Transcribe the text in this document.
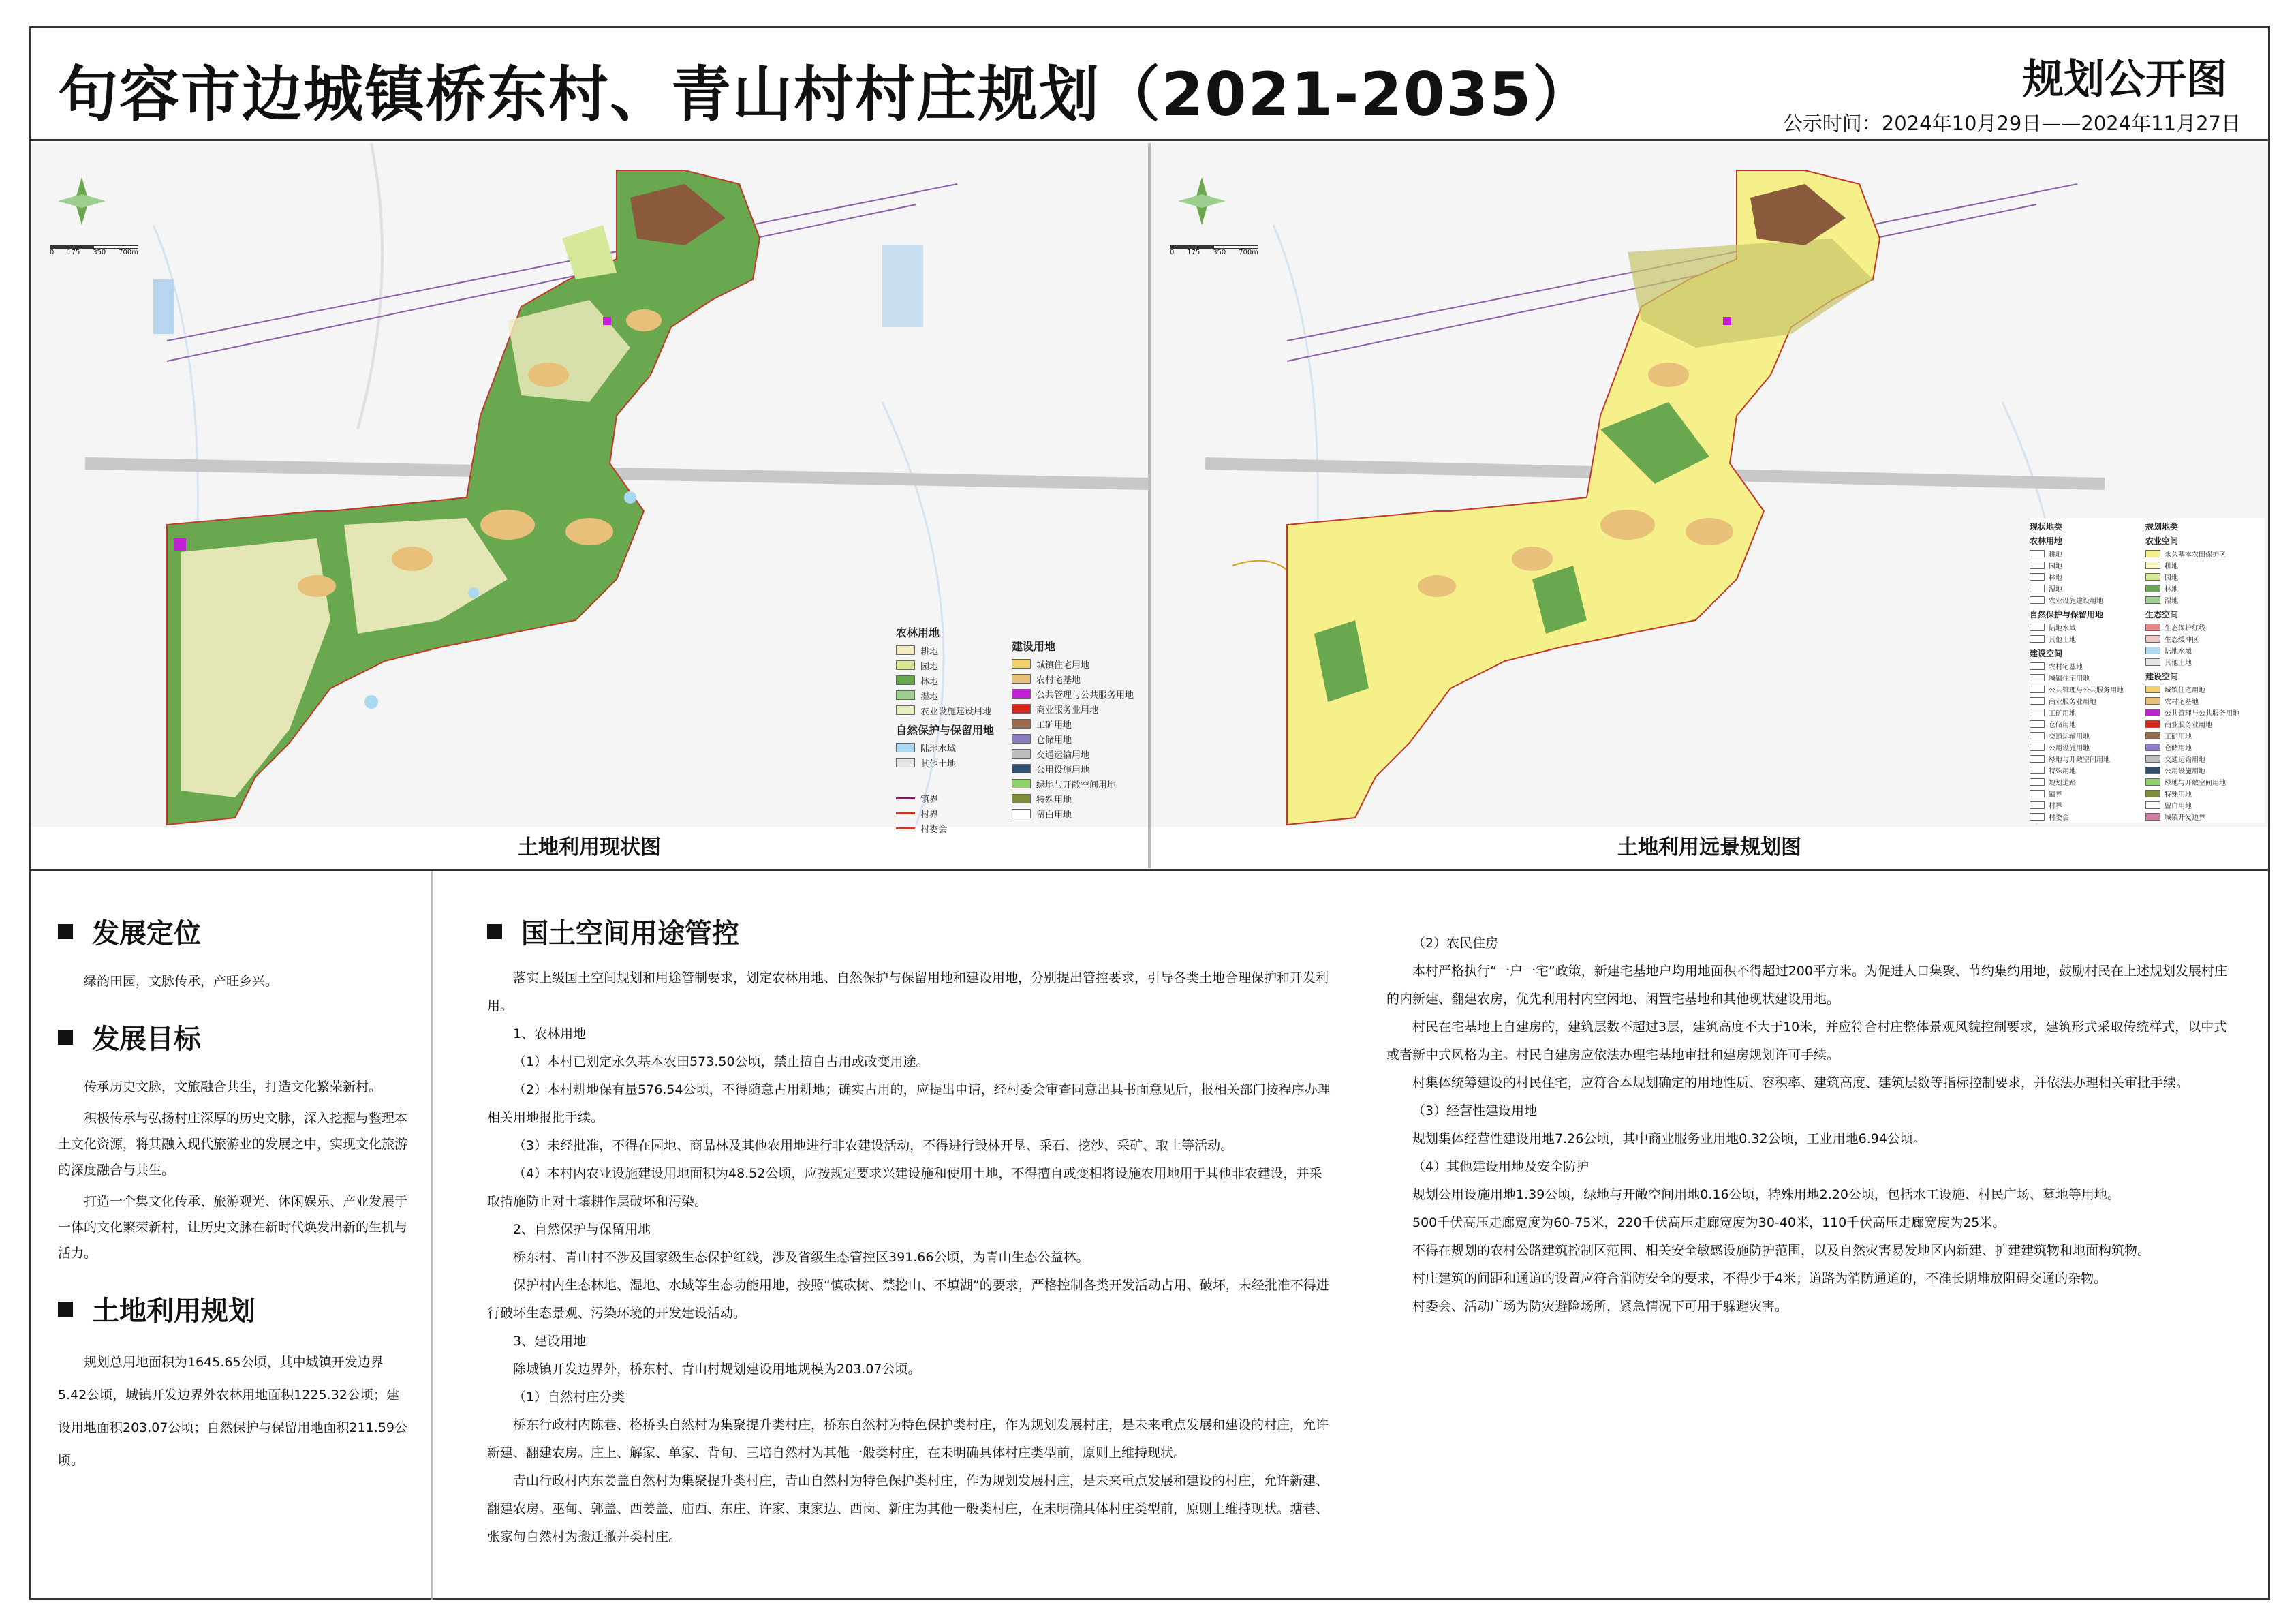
句容市边城镇桥东村、青山村村庄规划（2021-2035）	规划公开图
公示时间：2024年10月29日——2024年11月27日
0 175 350 700m
农林用地
耕地
园地
林地
湿地
农业设施建设用地
自然保护与保留用地
陆地水域
其他土地
镇界
村界
村委会
建设用地
城镇住宅用地
农村宅基地
公共管理与公共服务用地
商业服务业用地
工矿用地
仓储用地
交通运输用地
公用设施用地
绿地与开敞空间用地
特殊用地
留白用地
土地利用现状图
0 175 350 700m
现状地类
农林用地
耕地
园地
林地
湿地
农业设施建设用地
自然保护与保留用地
陆地水域
其他土地
建设空间
农村宅基地
城镇住宅用地
公共管理与公共服务用地
商业服务业用地
工矿用地
仓储用地
交通运输用地
公用设施用地
绿地与开敞空间用地
特殊用地
规划道路
镇界
村界
村委会
规划地类
农业空间
永久基本农田保护区
耕地
园地
林地
湿地
生态空间
生态保护红线
生态缓冲区
陆地水域
其他土地
建设空间
城镇住宅用地
农村宅基地
公共管理与公共服务用地
商业服务业用地
工矿用地
仓储用地
交通运输用地
公用设施用地
绿地与开敞空间用地
特殊用地
留白用地
城镇开发边界
土地利用远景规划图
发展定位

绿韵田园，文脉传承，产旺乡兴。

发展目标

传承历史文脉，文旅融合共生，打造文化繁荣新村。

积极传承与弘扬村庄深厚的历史文脉，深入挖掘与整理本土文化资源，将其融入现代旅游业的发展之中，实现文化旅游的深度融合与共生。

打造一个集文化传承、旅游观光、休闲娱乐、产业发展于一体的文化繁荣新村，让历史文脉在新时代焕发出新的生机与活力。

土地利用规划

规划总用地面积为1645.65公顷，其中城镇开发边界5.42公顷，城镇开发边界外农林用地面积1225.32公顷；建设用地面积203.07公顷；自然保护与保留用地面积211.59公顷。

国土空间用途管控

落实上级国土空间规划和用途管制要求，划定农林用地、自然保护与保留用地和建设用地，分别提出管控要求，引导各类土地合理保护和开发利用。

1、农林用地

（1）本村已划定永久基本农田573.50公顷，禁止擅自占用或改变用途。

（2）本村耕地保有量576.54公顷，不得随意占用耕地；确实占用的，应提出申请，经村委会审查同意出具书面意见后，报相关部门按程序办理相关用地报批手续。

（3）未经批准，不得在园地、商品林及其他农用地进行非农建设活动，不得进行毁林开垦、采石、挖沙、采矿、取土等活动。

（4）本村内农业设施建设用地面积为48.52公顷，应按规定要求兴建设施和使用土地，不得擅自或变相将设施农用地用于其他非农建设，并采取措施防止对土壤耕作层破坏和污染。

2、自然保护与保留用地

桥东村、青山村不涉及国家级生态保护红线，涉及省级生态管控区391.66公顷，为青山生态公益林。

保护村内生态林地、湿地、水域等生态功能用地，按照“慎砍树、禁挖山、不填湖”的要求，严格控制各类开发活动占用、破坏，未经批准不得进行破坏生态景观、污染环境的开发建设活动。

3、建设用地

除城镇开发边界外，桥东村、青山村规划建设用地规模为203.07公顷。

（1）自然村庄分类

桥东行政村内陈巷、格桥头自然村为集聚提升类村庄，桥东自然村为特色保护类村庄，作为规划发展村庄，是未来重点发展和建设的村庄，允许新建、翻建农房。庄上、解家、单家、背旬、三培自然村为其他一般类村庄，在未明确具体村庄类型前，原则上维持现状。

青山行政村内东姜盖自然村为集聚提升类村庄，青山自然村为特色保护类村庄，作为规划发展村庄，是未来重点发展和建设的村庄，允许新建、翻建农房。巫甸、郭盖、西姜盖、庙西、东庄、许家、東家边、西岗、新庄为其他一般类村庄，在未明确具体村庄类型前，原则上维持现状。塘巷、张家甸自然村为搬迁撤并类村庄。

（2）农民住房

本村严格执行“一户一宅”政策，新建宅基地户均用地面积不得超过200平方米。为促进人口集聚、节约集约用地，鼓励村民在上述规划发展村庄的内新建、翻建农房，优先利用村内空闲地、闲置宅基地和其他现状建设用地。

村民在宅基地上自建房的，建筑层数不超过3层，建筑高度不大于10米，并应符合村庄整体景观风貌控制要求，建筑形式采取传统样式，以中式或者新中式风格为主。村民自建房应依法办理宅基地审批和建房规划许可手续。

村集体统筹建设的村民住宅，应符合本规划确定的用地性质、容积率、建筑高度、建筑层数等指标控制要求，并依法办理相关审批手续。

（3）经营性建设用地

规划集体经营性建设用地7.26公顷，其中商业服务业用地0.32公顷，工业用地6.94公顷。

（4）其他建设用地及安全防护

规划公用设施用地1.39公顷，绿地与开敞空间用地0.16公顷，特殊用地2.20公顷，包括水工设施、村民广场、墓地等用地。

500千伏高压走廊宽度为60-75米，220千伏高压走廊宽度为30-40米，110千伏高压走廊宽度为25米。

不得在规划的农村公路建筑控制区范围、相关安全敏感设施防护范围，以及自然灾害易发地区内新建、扩建建筑物和地面构筑物。

村庄建筑的间距和通道的设置应符合消防安全的要求，不得少于4米；道路为消防通道的，不准长期堆放阻碍交通的杂物。

村委会、活动广场为防灾避险场所，紧急情况下可用于躲避灾害。
